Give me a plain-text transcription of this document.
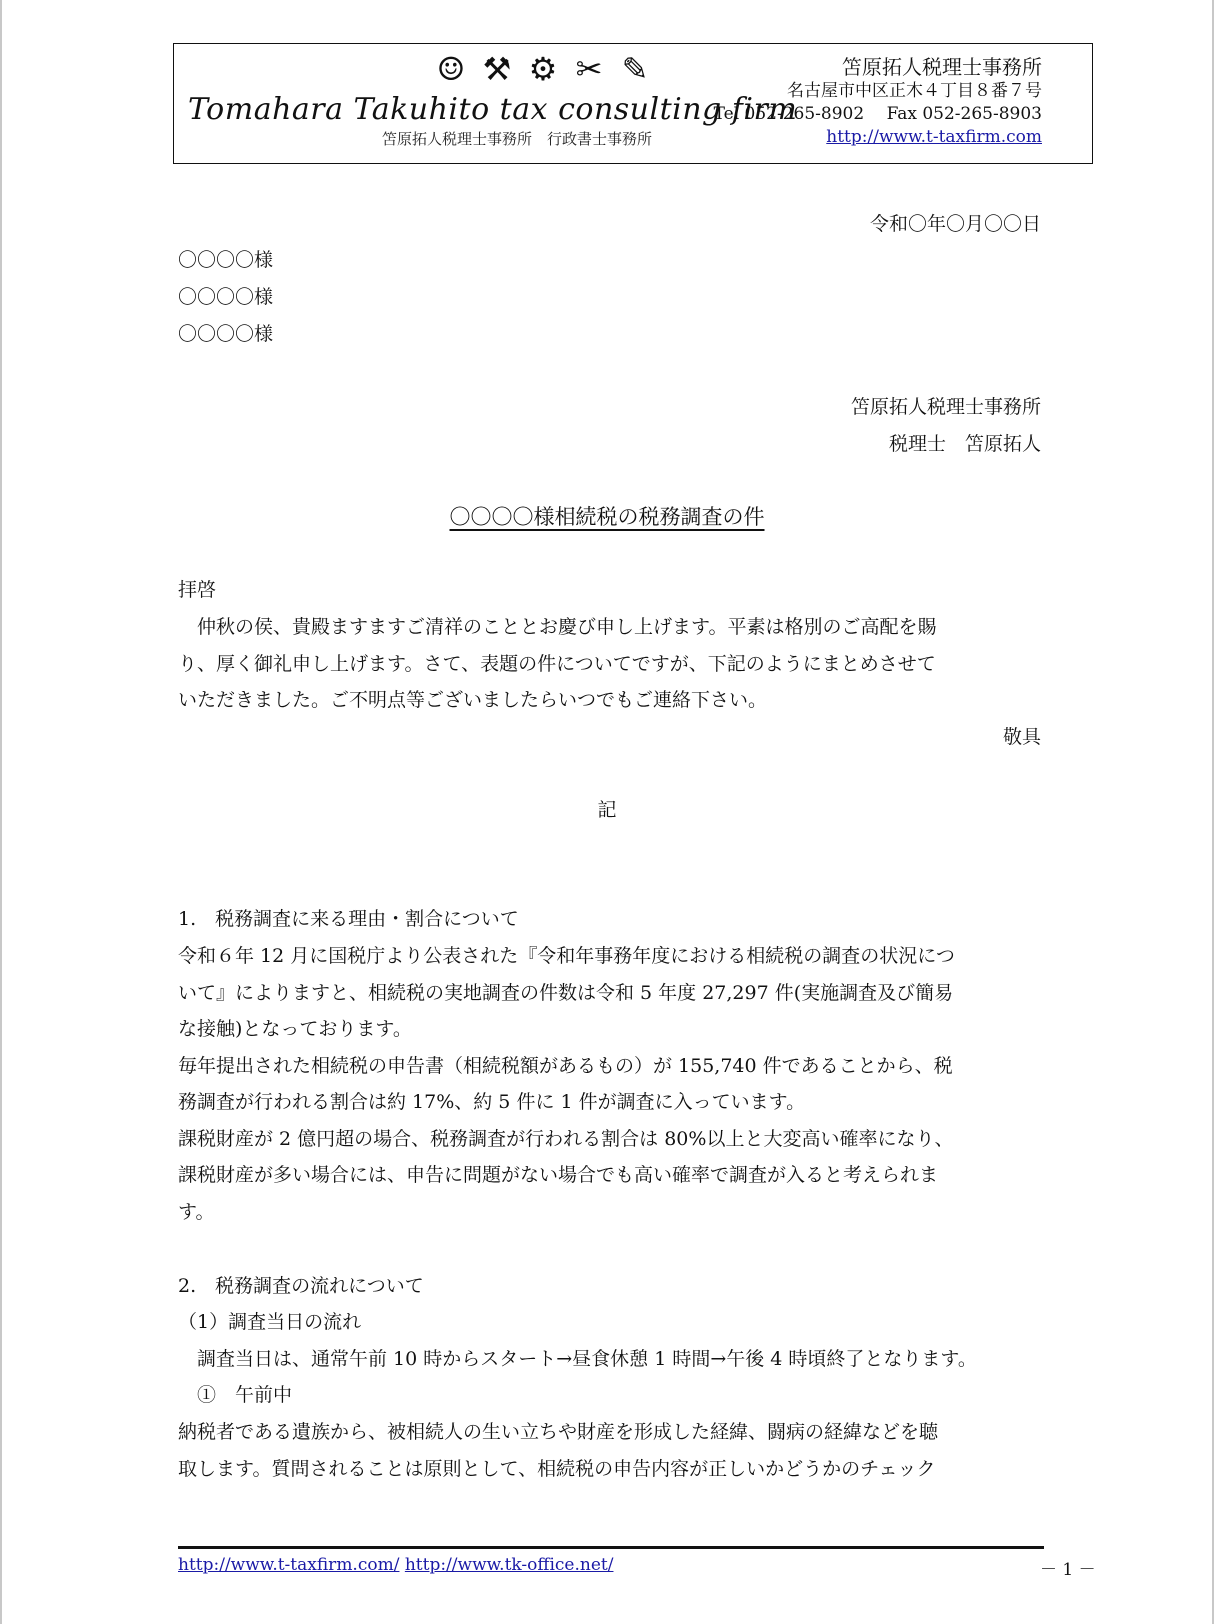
☺ ⚒ ⚙ ✂ ✎
Tomahara Takuhito tax consulting firm
笘原拓人税理士事務所　行政書士事務所
笘原拓人税理士事務所
名古屋市中区正木４丁目８番７号
Tel 052-265-8902　 Fax 052-265-8903
http://www.t-taxfirm.com
令和〇年〇月〇〇日
〇〇〇〇様
〇〇〇〇様
〇〇〇〇様
笘原拓人税理士事務所
税理士　笘原拓人
〇〇〇〇様相続税の税務調査の件
拝啓

　仲秋の侯、貴殿ますますご清祥のこととお慶び申し上げます。平素は格別のご高配を賜

り、厚く御礼申し上げます。さて、表題の件についてですが、下記のようにまとめさせて

いただきました。ご不明点等ございましたらいつでもご連絡下さい。

敬具
記
1.　税務調査に来る理由・割合について

令和６年 12 月に国税庁より公表された『令和年事務年度における相続税の調査の状況につ

いて』によりますと、相続税の実地調査の件数は令和 5 年度 27,297 件(実施調査及び簡易

な接触)となっております。

毎年提出された相続税の申告書（相続税額があるもの）が 155,740 件であることから、税

務調査が行われる割合は約 17%、約 5 件に 1 件が調査に入っています。

課税財産が 2 億円超の場合、税務調査が行われる割合は 80%以上と大変高い確率になり、

課税財産が多い場合には、申告に問題がない場合でも高い確率で調査が入ると考えられま

す。

2.　税務調査の流れについて
（1）調査当日の流れ
　調査当日は、通常午前 10 時からスタート→昼食休憩 1 時間→午後 4 時頃終了となります。
　①　午前中

納税者である遺族から、被相続人の生い立ちや財産を形成した経緯、闘病の経緯などを聴

取します。質問されることは原則として、相続税の申告内容が正しいかどうかのチェック

http://www.t-taxfirm.com/ http://www.tk-office.net/	－ 1 －
